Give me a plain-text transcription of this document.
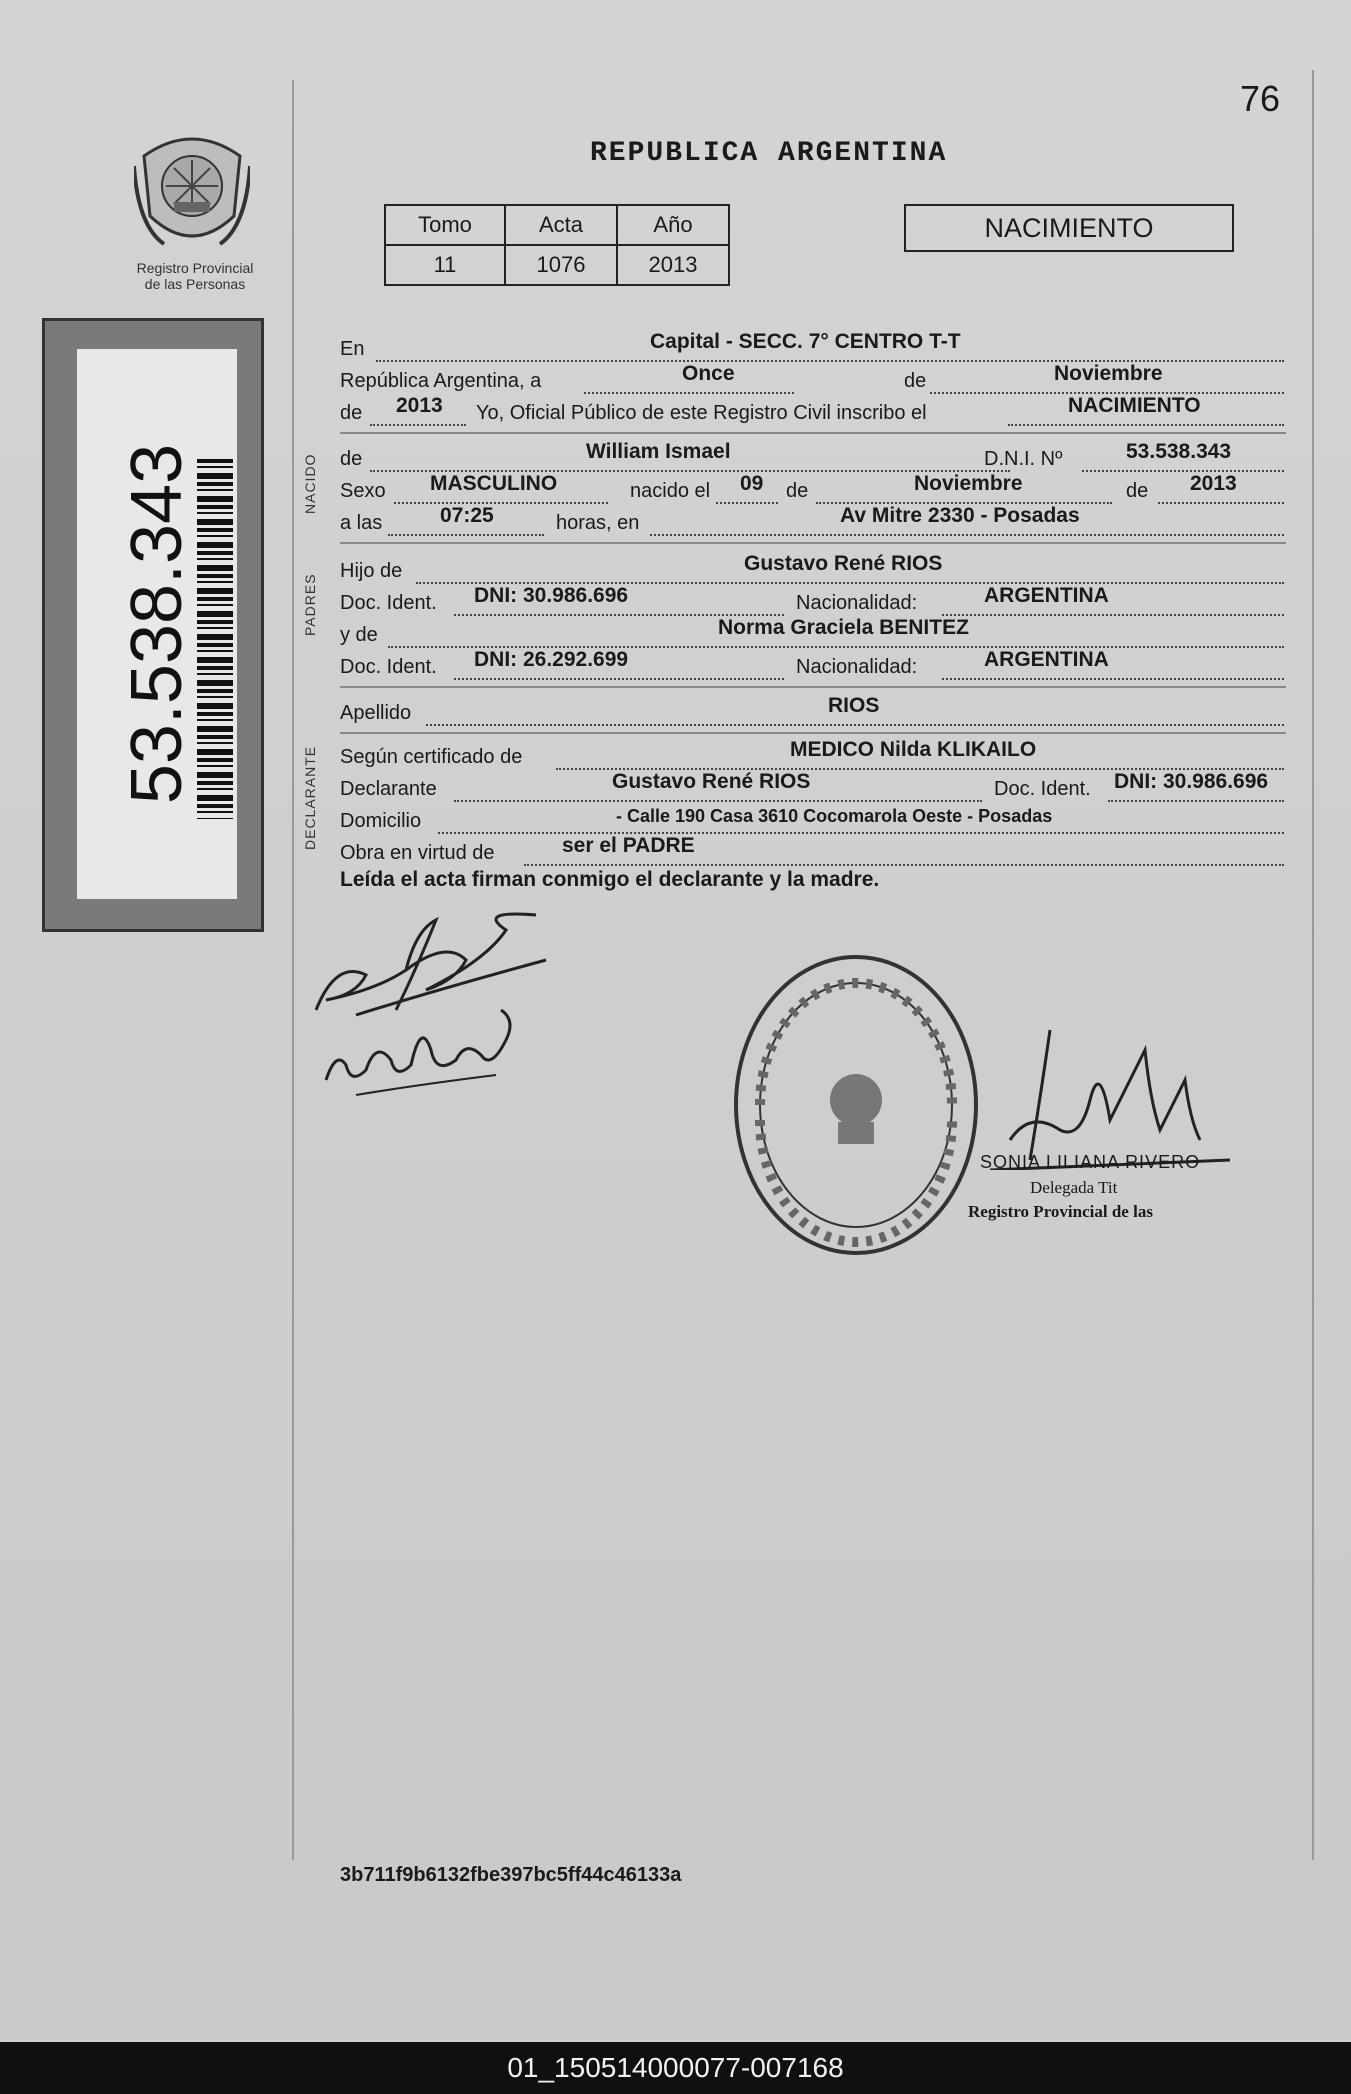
76
REPUBLICA ARGENTINA
Registro Provincial
de las Personas
Tomo	Acta	Año
11	1076	2013
NACIMIENTO
53.538.343	NACIDO
PADRES
DECLARANTE
En	Capital - SECC. 7° CENTRO T-T
República Argentina, a	Once	de	Noviembre
de 2013 Yo, Oficial Público de este Registro Civil inscribo el	NACIMIENTO
de	William Ismael	D.N.I. Nº	53.538.343
Sexo MASCULINO	nacido el 09 de	Noviembre	de 2013
a las	07:25	horas, en	Av Mitre 2330 - Posadas
Hijo de	Gustavo René RIOS
Doc. Ident. DNI: 30.986.696	Nacionalidad:	ARGENTINA
y de	Norma Graciela BENITEZ
Doc. Ident. DNI: 26.292.699	Nacionalidad:	ARGENTINA
Apellido	RIOS
Según certificado de	MEDICO Nilda KLIKAILO
Declarante	Gustavo René RIOS	Doc. Ident. DNI: 30.986.696
Domicilio	- Calle 190 Casa 3610 Cocomarola Oeste - Posadas
Obra en virtud de	ser el PADRE
Leída el acta firman conmigo el declarante y la madre.
SONIA LILIANA RIVERO
Delegada Tit
Registro Provincial de las
3b711f9b6132fbe397bc5ff44c46133a
01_150514000077-007168
